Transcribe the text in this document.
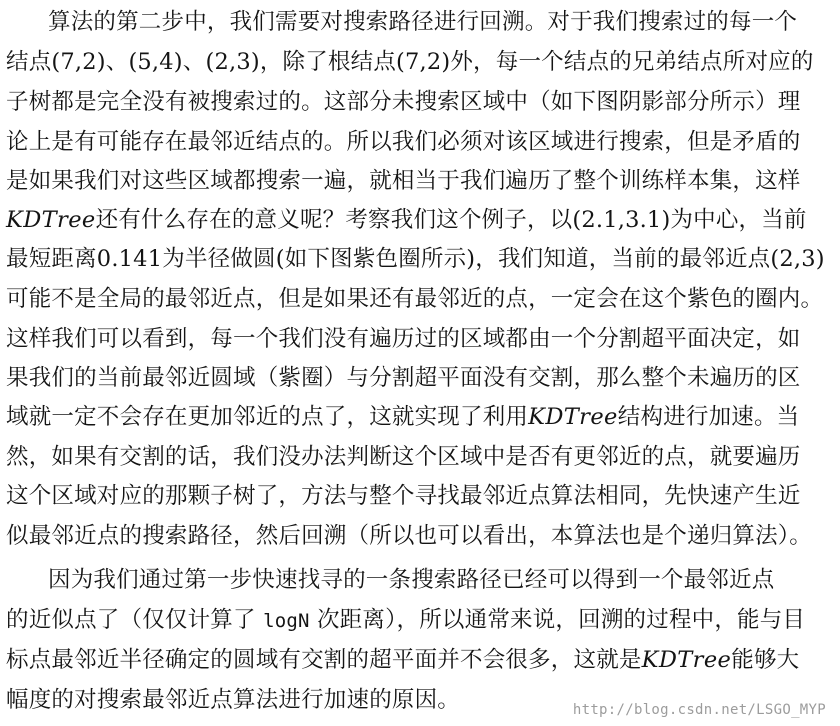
算法的第二步中，我们需要对搜索路径进行回溯。对于我们搜索过的每一个
结点(7,2)、(5,4)、(2,3)，除了根结点(7,2)外，每一个结点的兄弟结点所对应的
子树都是完全没有被搜索过的。这部分未搜索区域中（如下图阴影部分所示）理
论上是有可能存在最邻近结点的。所以我们必须对该区域进行搜索，但是矛盾的
是如果我们对这些区域都搜索一遍，就相当于我们遍历了整个训练样本集，这样
KDTree还有什么存在的意义呢？考察我们这个例子，以(2.1,3.1)为中心，当前
最短距离0.141为半径做圆(如下图紫色圈所示)，我们知道，当前的最邻近点(2,3)
可能不是全局的最邻近点，但是如果还有最邻近的点，一定会在这个紫色的圈内。
这样我们可以看到，每一个我们没有遍历过的区域都由一个分割超平面决定，如
果我们的当前最邻近圆域（紫圈）与分割超平面没有交割，那么整个未遍历的区
域就一定不会存在更加邻近的点了，这就实现了利用KDTree结构进行加速。当
然，如果有交割的话，我们没办法判断这个区域中是否有更邻近的点，就要遍历
这个区域对应的那颗子树了，方法与整个寻找最邻近点算法相同，先快速产生近
似最邻近点的搜索路径，然后回溯（所以也可以看出，本算法也是个递归算法）。
因为我们通过第一步快速找寻的一条搜索路径已经可以得到一个最邻近点
的近似点了（仅仅计算了 logN 次距离），所以通常来说，回溯的过程中，能与目
标点最邻近半径确定的圆域有交割的超平面并不会很多，这就是KDTree能够大
幅度的对搜索最邻近点算法进行加速的原因。	http://blog.csdn.net/LSGO_MYP
